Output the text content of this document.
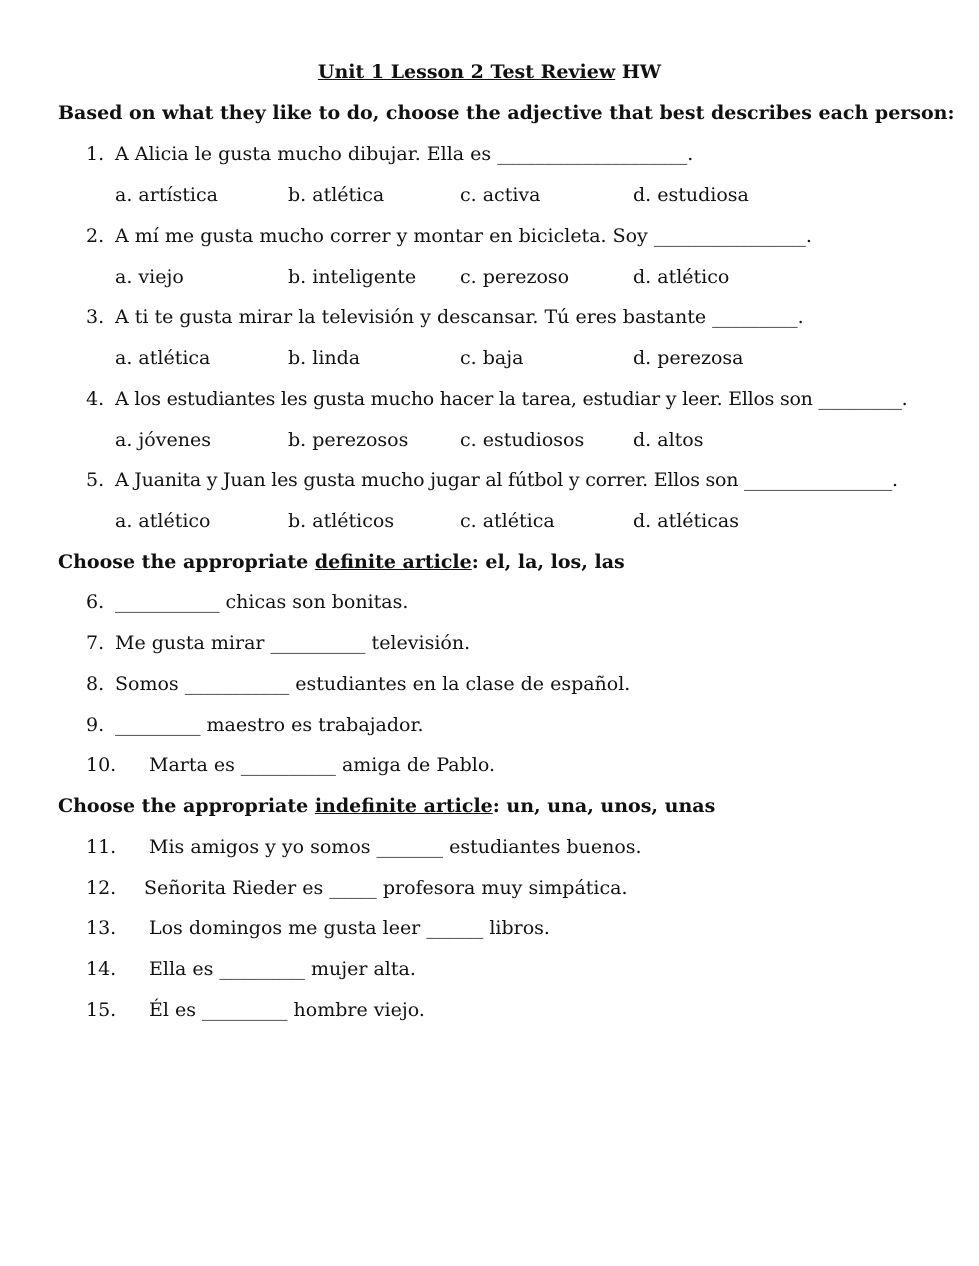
Unit 1 Lesson 2 Test Review HW
Based on what they like to do, choose the adjective that best describes each person:
1. A Alicia le gusta mucho dibujar. Ella es ____________________.
a. artística	b. atlética	c. activa	d. estudiosa
2. A mí me gusta mucho correr y montar en bicicleta. Soy ________________.
a. viejo	b. inteligente c. perezoso	d. atlético
3. A ti te gusta mirar la televisión y descansar. Tú eres bastante _________.
a. atlética	b. linda	c. baja	d. perezosa
4. A los estudiantes les gusta mucho hacer la tarea, estudiar y leer. Ellos son _________.
a. jóvenes	b. perezosos	c. estudiosos	d. altos
5. A Juanita y Juan les gusta mucho jugar al fútbol y correr. Ellos son ________________.
a. atlético	b. atléticos	c. atlética	d. atléticas
Choose the appropriate definite article: el, la, los, las
6. ___________ chicas son bonitas.
7. Me gusta mirar __________ televisión.
8. Somos ___________ estudiantes en la clase de español.
9. _________ maestro es trabajador.
10. Marta es __________ amiga de Pablo.
Choose the appropriate indefinite article: un, una, unos, unas
11. Mis amigos y yo somos _______ estudiantes buenos.
12. Señorita Rieder es _____ profesora muy simpática.
13. Los domingos me gusta leer ______ libros.
14. Ella es _________ mujer alta.
15. Él es _________ hombre viejo.
